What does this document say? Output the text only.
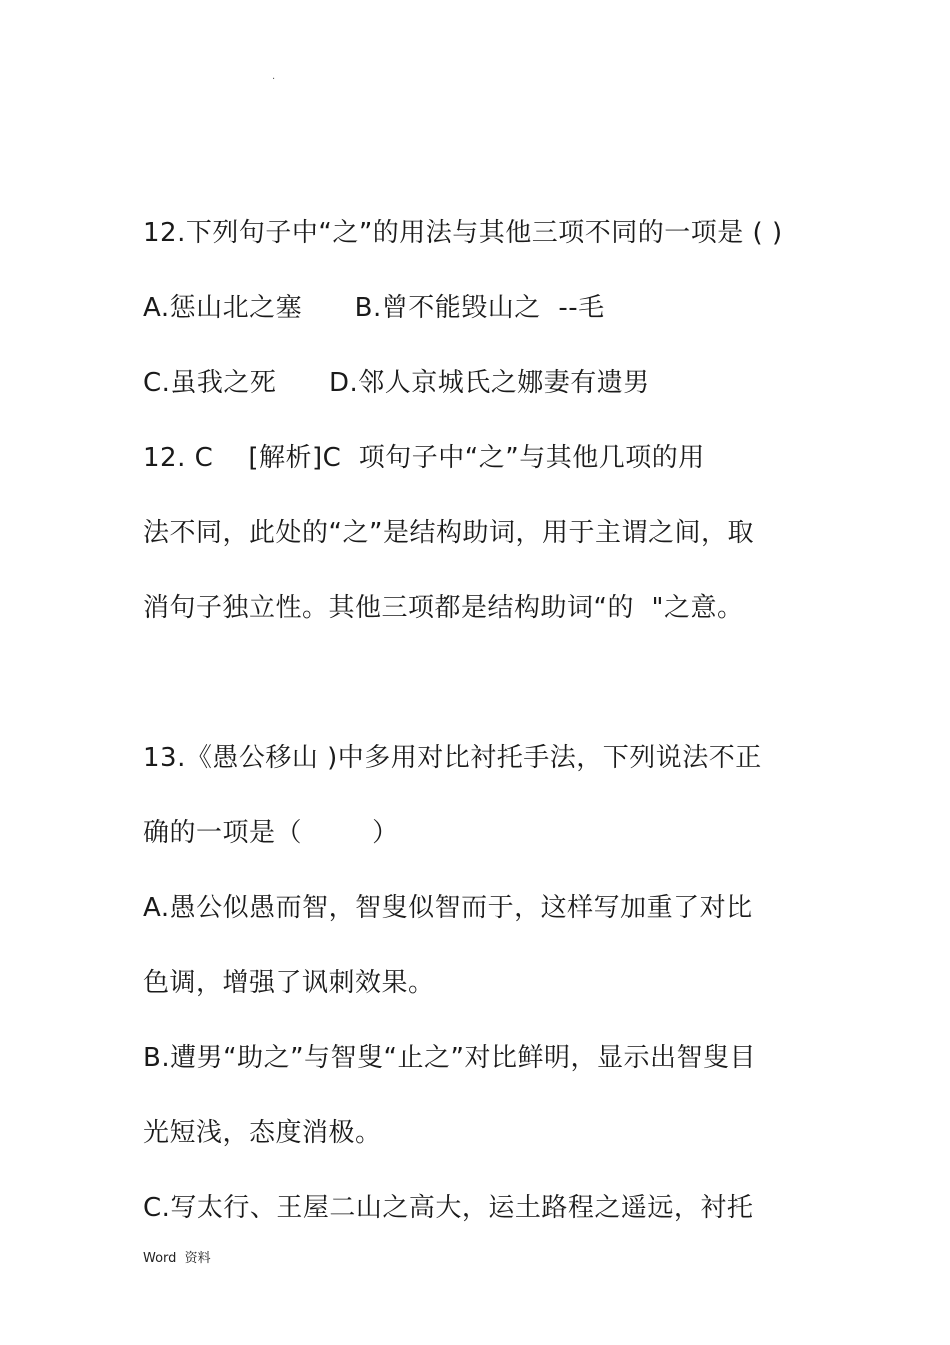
.
12.下列句子中“之”的用法与其他三项不同的一项是 ( )
A.惩山北之塞      B.曾不能毁山之  --毛
C.虽我之死      D.邻人京城氏之娜妻有遗男
12. C    [解析]C  项句子中“之”与其他几项的用
法不同，此处的“之”是结构助词，用于主谓之间，取
消句子独立性。其他三项都是结构助词“的  "之意。
13.《愚公移山 )中多用对比衬托手法，下列说法不正
确的一项是（        ）
A.愚公似愚而智，智叟似智而于，这样写加重了对比
色调，增强了讽刺效果。
B.遭男“助之”与智叟“止之”对比鲜明，显示出智叟目
光短浅，态度消极。
C.写太行、王屋二山之高大，运土路程之遥远，衬托
Word  资料
